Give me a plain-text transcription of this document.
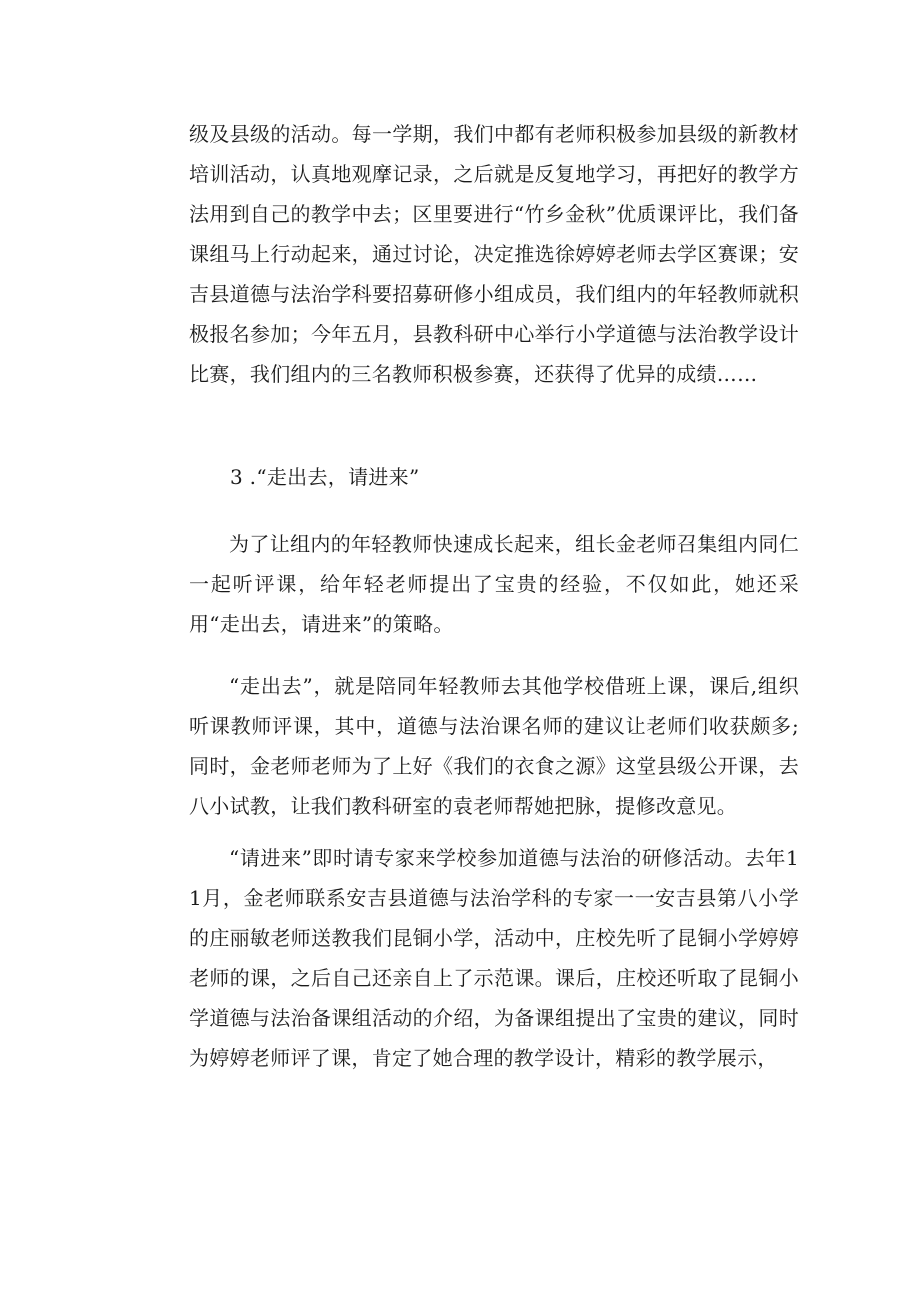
级及县级的活动。每一学期，我们中都有老师积极参加县级的新教材培训活动，认真地观摩记录，之后就是反复地学习，再把好的教学方法用到自己的教学中去；区里要进行“竹乡金秋”优质课评比，我们备课组马上行动起来，通过讨论，决定推选徐婷婷老师去学区赛课；安吉县道德与法治学科要招募研修小组成员，我们组内的年轻教师就积极报名参加；今年五月，县教科研中心举行小学道德与法治教学设计比赛，我们组内的三名教师积极参赛，还获得了优异的成绩……

3 .“走出去，请进来”

为了让组内的年轻教师快速成长起来，组长金老师召集组内同仁一起听评课，给年轻老师提出了宝贵的经验，不仅如此，她还采用“走出去，请进来”的策略。

“走出去”，就是陪同年轻教师去其他学校借班上课，课后,组织听课教师评课，其中，道德与法治课名师的建议让老师们收获颇多;同时，金老师老师为了上好《我们的衣食之源》这堂县级公开课，去八小试教，让我们教科研室的袁老师帮她把脉，提修改意见。

“请进来”即时请专家来学校参加道德与法治的研修活动。去年11月，金老师联系安吉县道德与法治学科的专家一一安吉县第八小学的庄丽敏老师送教我们昆铜小学，活动中，庄校先听了昆铜小学婷婷老师的课，之后自己还亲自上了示范课。课后，庄校还听取了昆铜小学道德与法治备课组活动的介绍，为备课组提出了宝贵的建议，同时为婷婷老师评了课，肯定了她合理的教学设计，精彩的教学展示，
